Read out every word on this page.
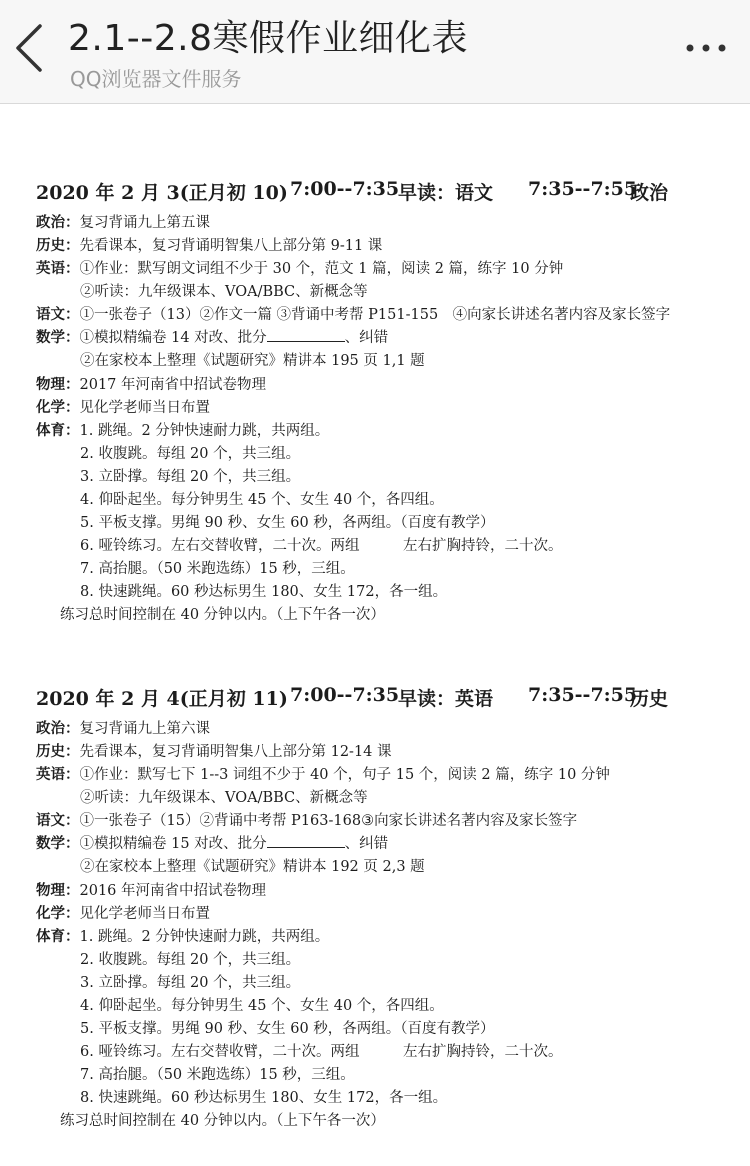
2.1--2.8寒假作业细化表
QQ浏览器文件服务
2020 年 2 月 3(正月初 10) 7:00--7:35
早读：语文 7:35--7:55
政治
政治：复习背诵九上第五课
历史：先看课本，复习背诵明智集八上部分第 9-11 课
英语：①作业：默写朗文词组不少于 30 个，范文 1 篇，阅读 2 篇，练字 10 分钟
②听读：九年级课本、VOA/BBC、新概念等
语文：①一张卷子（13）②作文一篇 ③背诵中考帮 P151-155　④向家长讲述名著内容及家长签字
数学：①模拟精编卷 14 对改、批分	、纠错
②在家校本上整理《试题研究》精讲本 195 页 1,1 题
物理：2017 年河南省中招试卷物理
化学：见化学老师当日布置
体育：1. 跳绳。2 分钟快速耐力跳，共两组。
2. 收腹跳。每组 20 个，共三组。
3. 立卧撑。每组 20 个，共三组。
4. 仰卧起坐。每分钟男生 45 个、女生 40 个，各四组。
5. 平板支撑。男绳 90 秒、女生 60 秒，各两组。（百度有教学）
6. 哑铃练习。左右交替收臂，二十次。两组　　　左右扩胸持铃，二十次。
7. 高抬腿。（50 米跑选练）15 秒，三组。
8. 快速跳绳。60 秒达标男生 180、女生 172，各一组。
练习总时间控制在 40 分钟以内。（上下午各一次）
2020 年 2 月 4(正月初 11) 7:00--7:35
早读：英语 7:35--7:55
历史
政治：复习背诵九上第六课
历史：先看课本，复习背诵明智集八上部分第 12-14 课
英语：①作业：默写七下 1--3 词组不少于 40 个，句子 15 个，阅读 2 篇，练字 10 分钟
②听读：九年级课本、VOA/BBC、新概念等
语文：①一张卷子（15）②背诵中考帮 P163-168③向家长讲述名著内容及家长签字
数学：①模拟精编卷 15 对改、批分	、纠错
②在家校本上整理《试题研究》精讲本 192 页 2,3 题
物理：2016 年河南省中招试卷物理
化学：见化学老师当日布置
体育：1. 跳绳。2 分钟快速耐力跳，共两组。
2. 收腹跳。每组 20 个，共三组。
3. 立卧撑。每组 20 个，共三组。
4. 仰卧起坐。每分钟男生 45 个、女生 40 个，各四组。
5. 平板支撑。男绳 90 秒、女生 60 秒，各两组。（百度有教学）
6. 哑铃练习。左右交替收臂，二十次。两组　　　左右扩胸持铃，二十次。
7. 高抬腿。（50 米跑选练）15 秒，三组。
8. 快速跳绳。60 秒达标男生 180、女生 172，各一组。
练习总时间控制在 40 分钟以内。（上下午各一次）
